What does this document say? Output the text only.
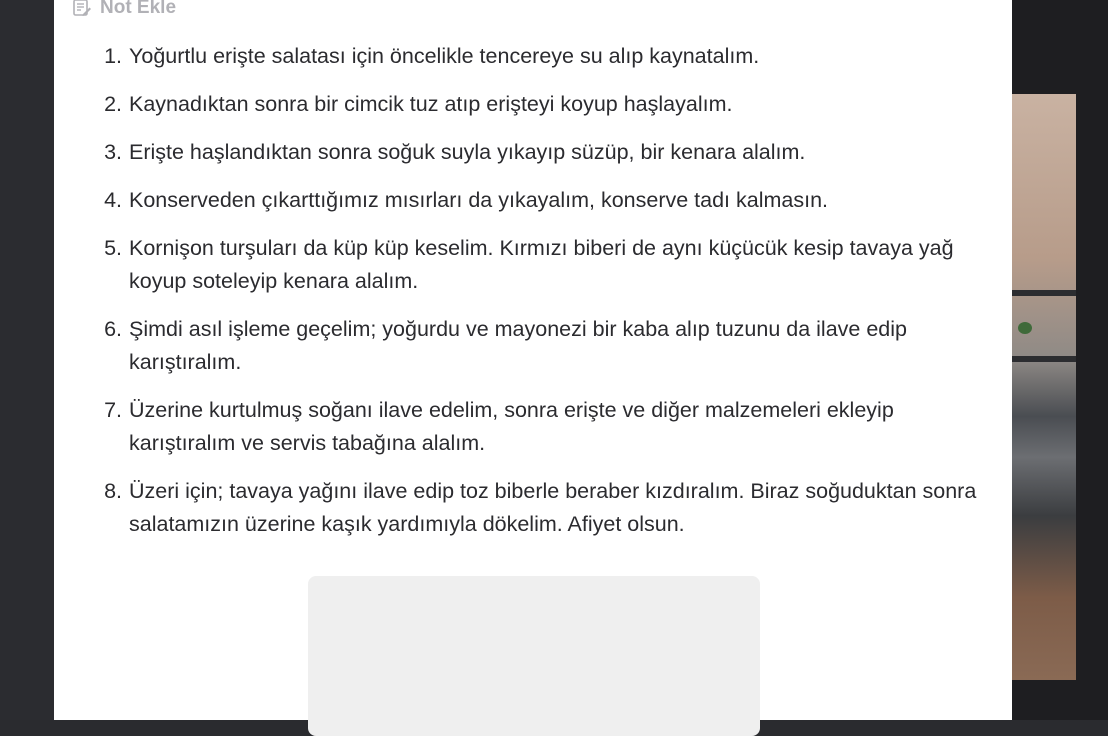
Not Ekle
1. Yoğurtlu erişte salatası için öncelikle tencereye su alıp kaynatalım.
2. Kaynadıktan sonra bir cimcik tuz atıp erişteyi koyup haşlayalım.
3. Erişte haşlandıktan sonra soğuk suyla yıkayıp süzüp, bir kenara alalım.
4. Konserveden çıkarttığımız mısırları da yıkayalım, konserve tadı kalmasın.
5. Kornişon turşuları da küp küp keselim. Kırmızı biberi de aynı küçücük kesip tavaya yağ koyup soteleyip kenara alalım.
6. Şimdi asıl işleme geçelim; yoğurdu ve mayonezi bir kaba alıp tuzunu da ilave edip karıştıralım.
7. Üzerine kurtulmuş soğanı ilave edelim, sonra erişte ve diğer malzemeleri ekleyip karıştıralım ve servis tabağına alalım.
8. Üzeri için; tavaya yağını ilave edip toz biberle beraber kızdıralım. Biraz soğuduktan sonra salatamızın üzerine kaşık yardımıyla dökelim. Afiyet olsun.
